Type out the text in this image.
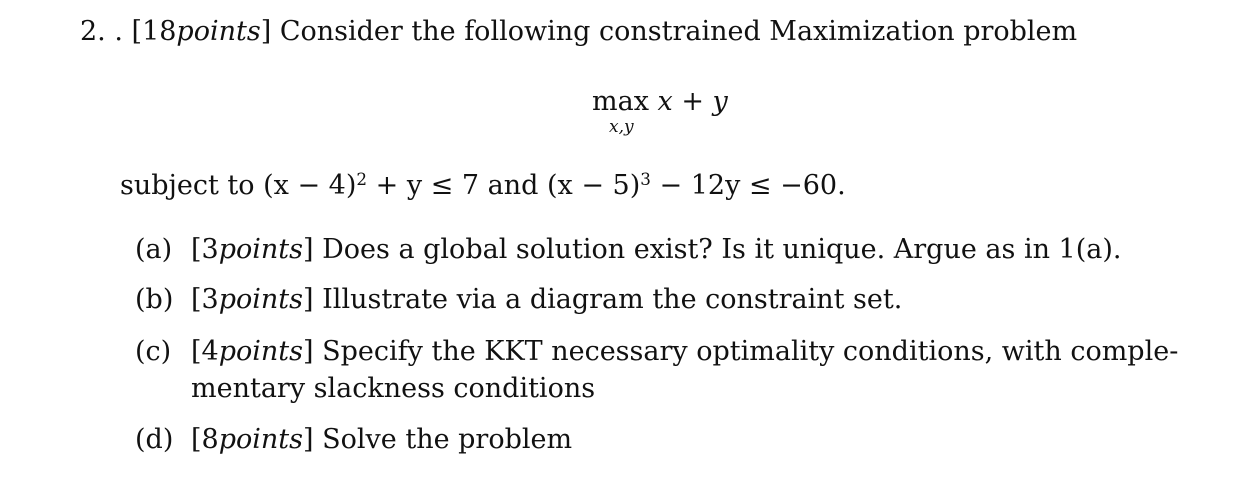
2. . [18points] Consider the following constrained Maximization problem
max x + y
x,y
subject to $(x - 4)^2 + y \le 7$ and $(x - 5)^3 - 12y \le -60$.
(a) [3points] Does a global solution exist? Is it unique. Argue as in 1(a).
(b) [3points] Illustrate via a diagram the constraint set.
(c) [4points] Specify the KKT necessary optimality conditions, with comple-
mentary slackness conditions
(d) [8points] Solve the problem
